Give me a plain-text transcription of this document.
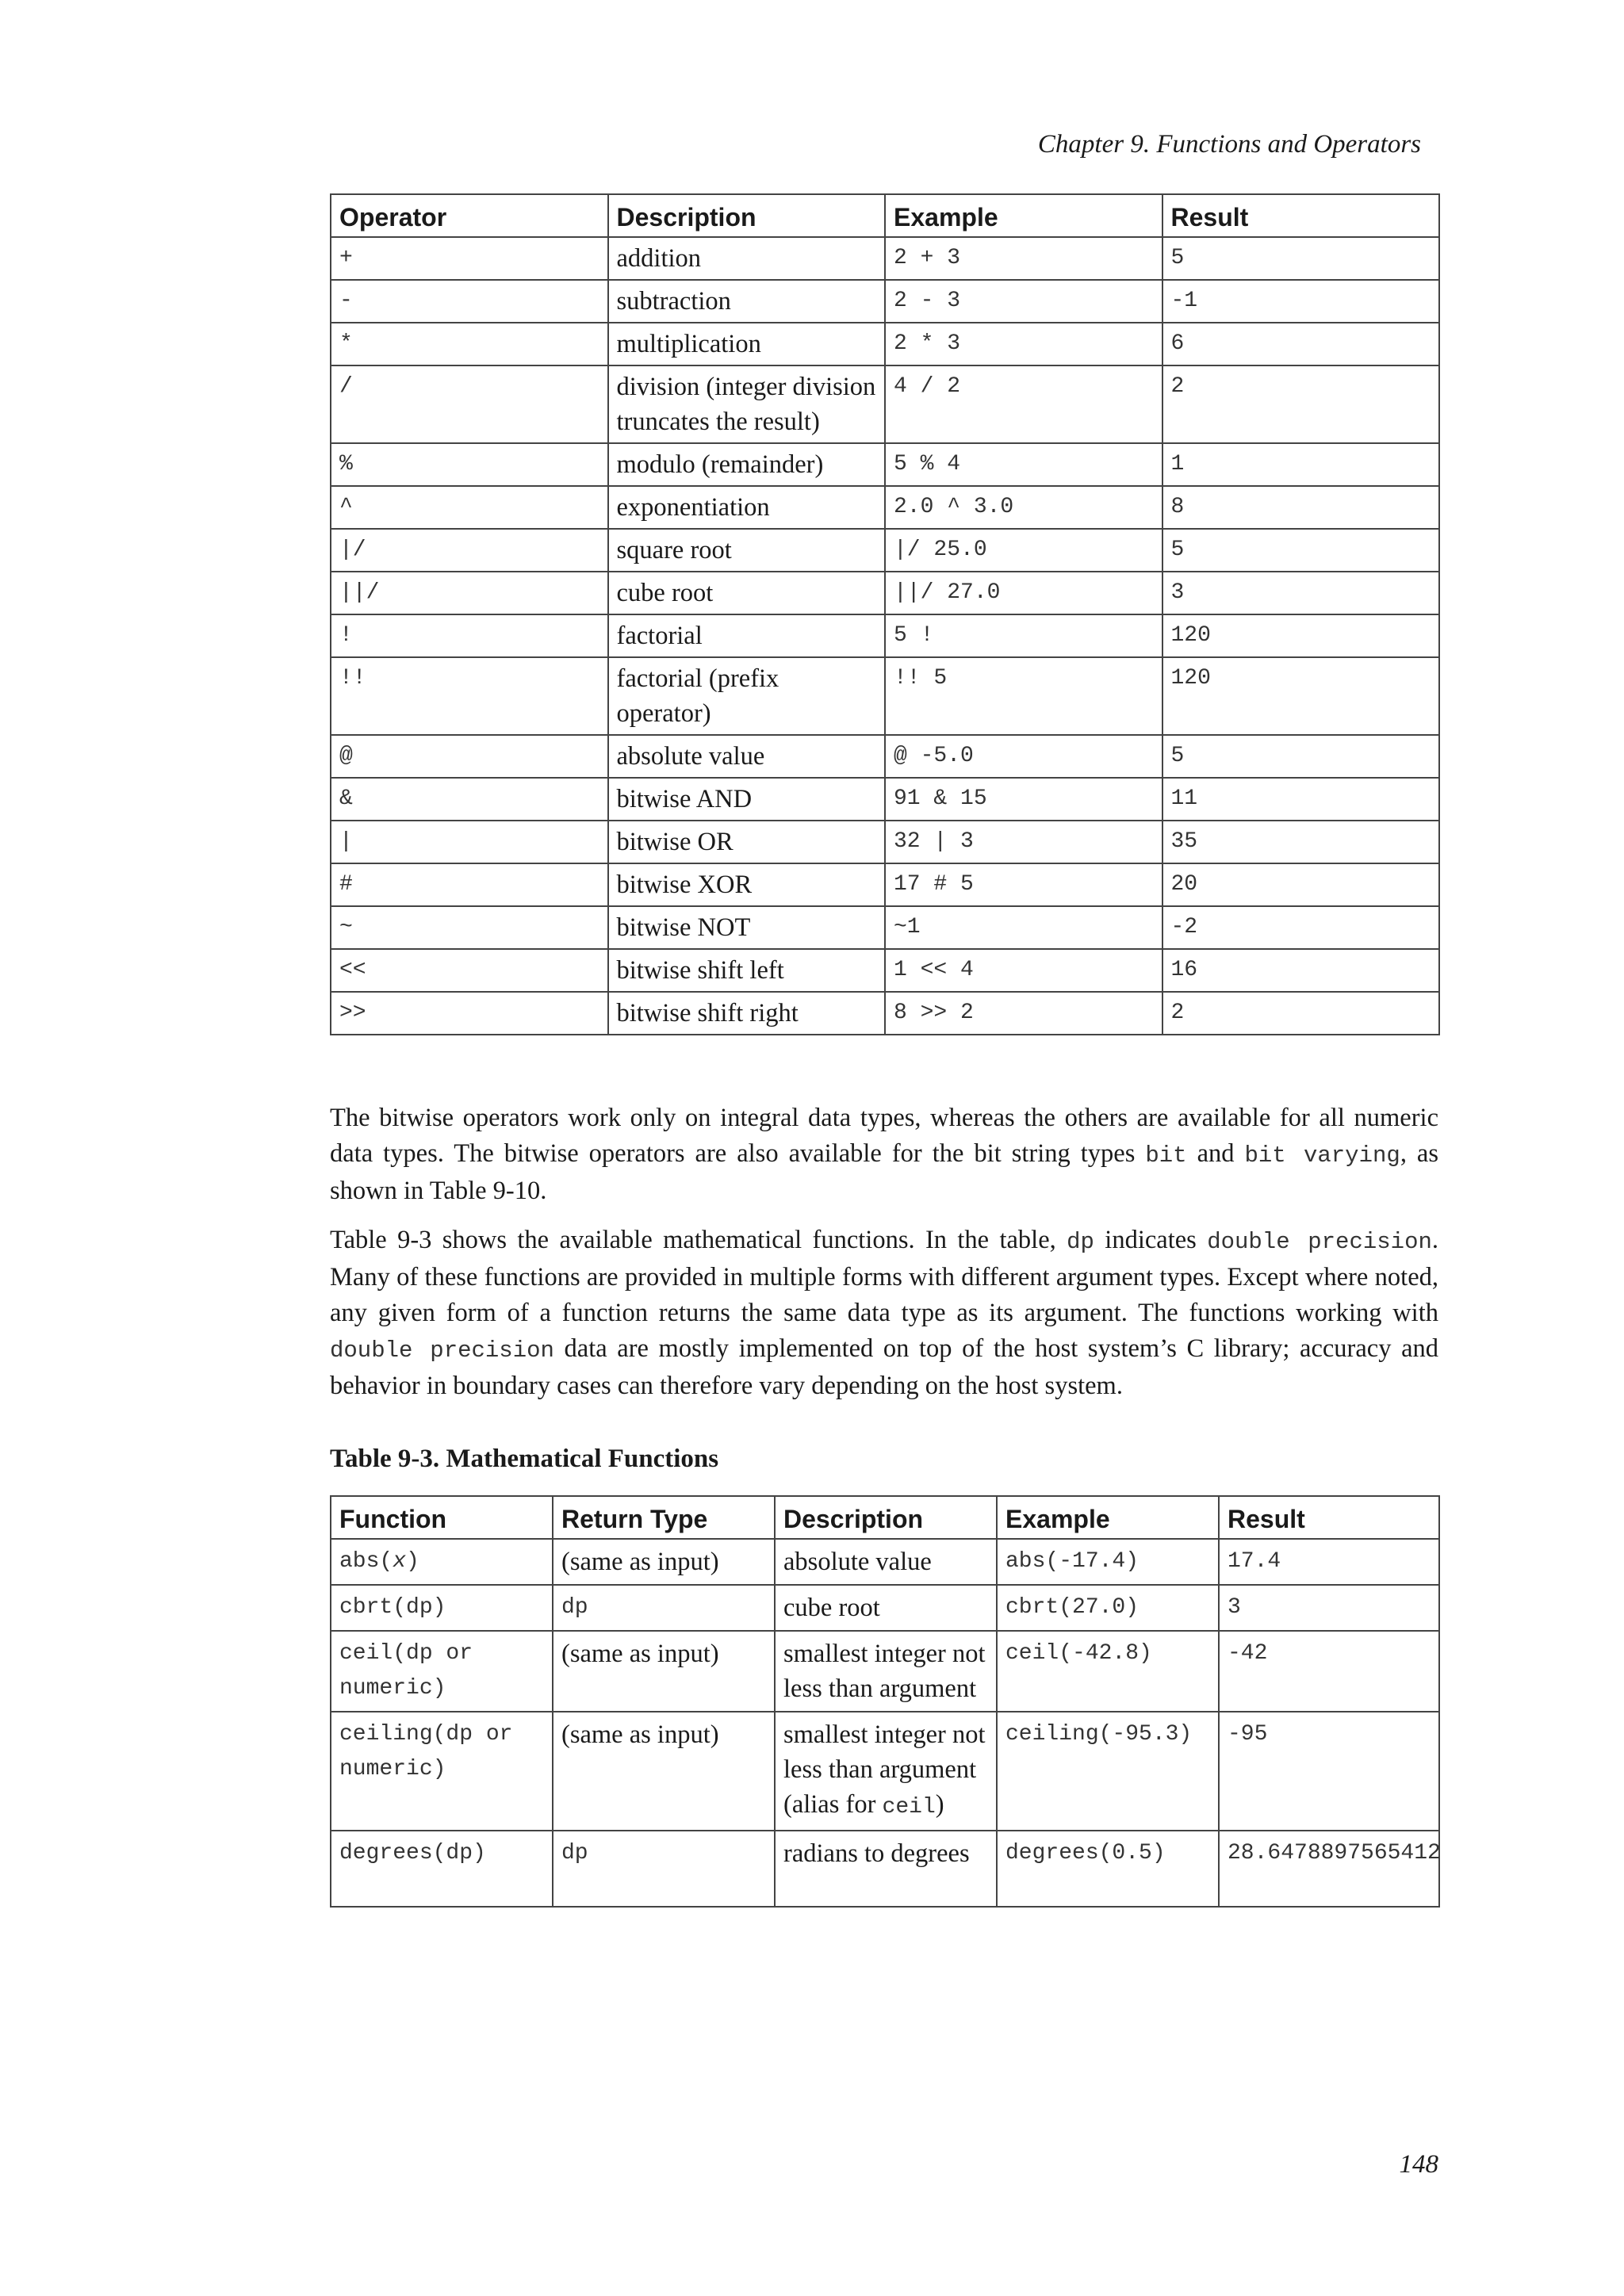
Chapter 9. Functions and Operators
Operator	Description	Example	Result
+	addition	2 + 3	5
-	subtraction	2 - 3	-1
*	multiplication	2 * 3	6
/	division (integer division truncates the result)	4 / 2	2
%	modulo (remainder)	5 % 4	1
^	exponentiation	2.0 ^ 3.0	8
|/	square root	|/ 25.0	5
||/	cube root	||/ 27.0	3
!	factorial	5 !	120
!!	factorial (prefix operator)	!! 5	120
@	absolute value	@ -5.0	5
&	bitwise AND	91 & 15	11
|	bitwise OR	32 | 3	35
#	bitwise XOR	17 # 5	20
~	bitwise NOT	~1	-2
<<	bitwise shift left	1 << 4	16
>>	bitwise shift right	8 >> 2	2

The bitwise operators work only on integral data types, whereas the others are available for all numeric data types. The bitwise operators are also available for the bit string types bit and bit varying, as shown in Table 9-10.

Table 9-3 shows the available mathematical functions. In the table, dp indicates double precision. Many of these functions are provided in multiple forms with different argument types. Except where noted, any given form of a function returns the same data type as its argument. The functions working with double precision data are mostly implemented on top of the host system’s C library; accuracy and behavior in boundary cases can therefore vary depending on the host system.

Table 9-3. Mathematical Functions
Function	Return Type	Description	Example	Result
abs(x)	(same as input)	absolute value	abs(-17.4)	17.4
cbrt(dp)	dp	cube root	cbrt(27.0)	3
ceil(dp or numeric)	(same as input)	smallest integer not less than argument	ceil(-42.8)	-42
ceiling(dp or numeric)	(same as input)	smallest integer not less than argument (alias for ceil)	ceiling(-95.3)	-95
degrees(dp)	dp	radians to degrees	degrees(0.5)	28.6478897565412
148
